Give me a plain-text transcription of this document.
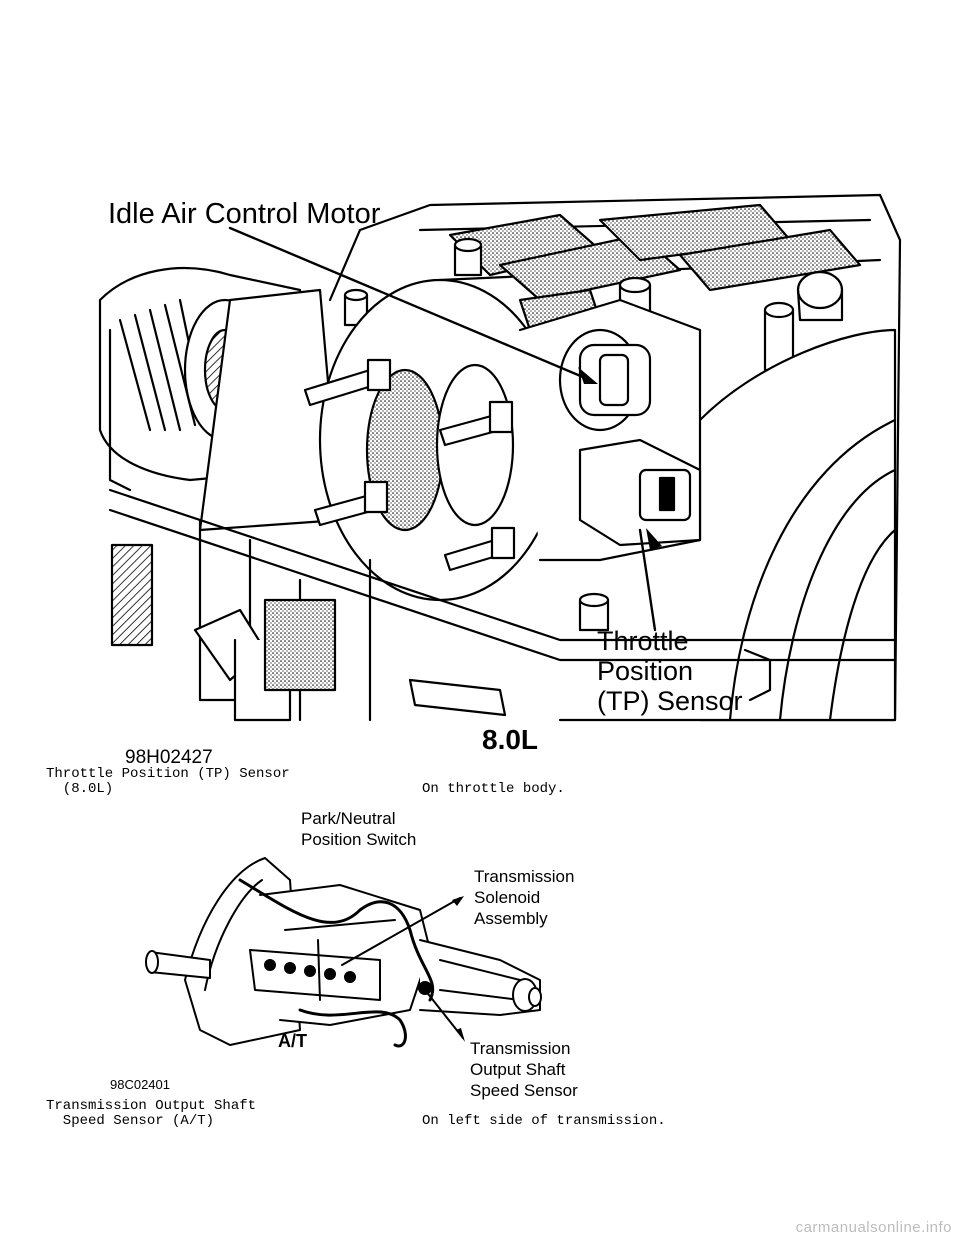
Idle Air Control Motor
Throttle
Position
(TP) Sensor
8.0L
98H02427
Throttle Position (TP) Sensor
(8.0L)	On throttle body.
Park/Neutral
Position Switch
Transmission
Solenoid
Assembly
Transmission
Output Shaft
Speed Sensor
A/T
98C02401
Transmission Output Shaft
Speed Sensor (A/T)	On left side of transmission.
carmanualsonline.info
